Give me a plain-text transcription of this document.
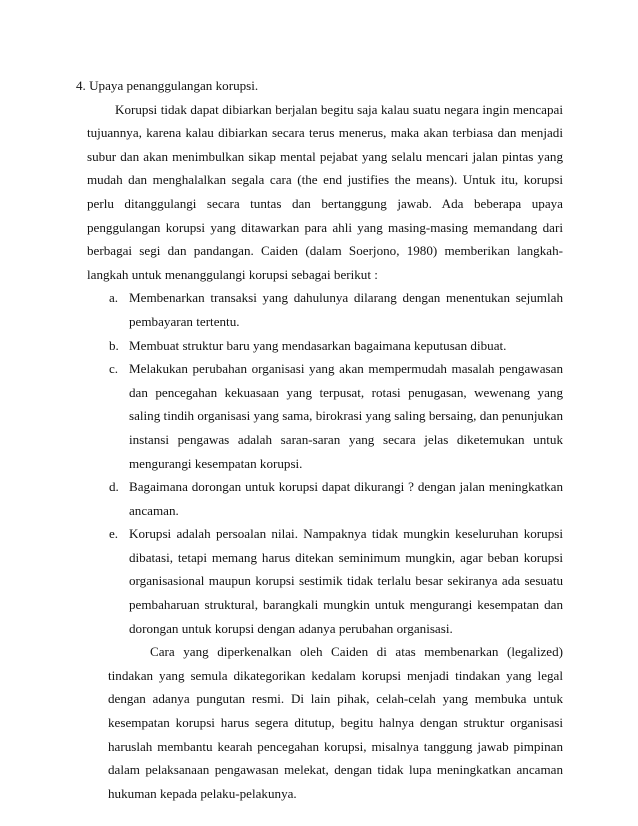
4. Upaya penanggulangan korupsi.

Korupsi tidak dapat dibiarkan berjalan begitu saja kalau suatu negara ingin mencapai tujuannya, karena kalau dibiarkan secara terus menerus, maka akan terbiasa dan menjadi subur dan akan menimbulkan sikap mental pejabat yang selalu mencari jalan pintas yang mudah dan menghalalkan segala cara (the end justifies the means). Untuk itu, korupsi perlu ditanggulangi secara tuntas dan bertanggung jawab. Ada beberapa upaya penggulangan korupsi yang ditawarkan para ahli yang masing-masing memandang dari berbagai segi dan pandangan. Caiden (dalam Soerjono, 1980) memberikan langkah-langkah untuk menanggulangi korupsi sebagai berikut :

a. Membenarkan transaksi yang dahulunya dilarang dengan menentukan sejumlah pembayaran tertentu.
b. Membuat struktur baru yang mendasarkan bagaimana keputusan dibuat.
c. Melakukan perubahan organisasi yang akan mempermudah masalah pengawasan dan pencegahan kekuasaan yang terpusat, rotasi penugasan, wewenang yang saling tindih organisasi yang sama, birokrasi yang saling bersaing, dan penunjukan instansi pengawas adalah saran-saran yang secara jelas diketemukan untuk mengurangi kesempatan korupsi.
d. Bagaimana dorongan untuk korupsi dapat dikurangi ? dengan jalan meningkatkan ancaman.
e. Korupsi adalah persoalan nilai. Nampaknya tidak mungkin keseluruhan korupsi dibatasi, tetapi memang harus ditekan seminimum mungkin, agar beban korupsi organisasional maupun korupsi sestimik tidak terlalu besar sekiranya ada sesuatu pembaharuan struktural, barangkali mungkin untuk mengurangi kesempatan dan dorongan untuk korupsi dengan adanya perubahan organisasi.

Cara yang diperkenalkan oleh Caiden di atas membenarkan (legalized) tindakan yang semula dikategorikan kedalam korupsi menjadi tindakan yang legal dengan adanya pungutan resmi. Di lain pihak, celah-celah yang membuka untuk kesempatan korupsi harus segera ditutup, begitu halnya dengan struktur organisasi haruslah membantu kearah pencegahan korupsi, misalnya tanggung jawab pimpinan dalam pelaksanaan pengawasan melekat, dengan tidak lupa meningkatkan ancaman hukuman kepada pelaku-pelakunya.
